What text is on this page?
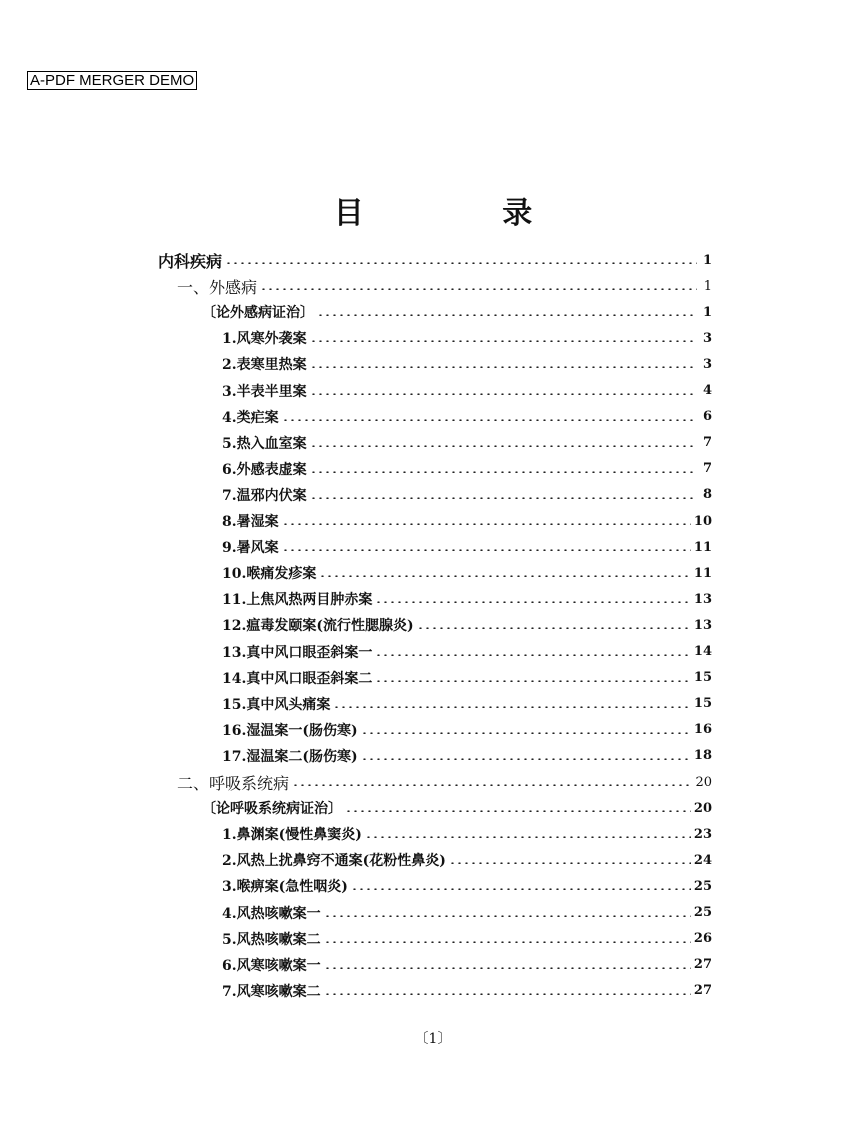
A-PDF MERGER DEMO
目 录
内科疾病	1
一、外感病	1
〔论外感病证治〕	1
1.风寒外袭案	3
2.表寒里热案	3
3.半表半里案	4
4.类疟案	6
5.热入血室案	7
6.外感表虚案	7
7.温邪内伏案	8
8.暑湿案	10
9.暑风案	11
10.喉痛发疹案	11
11.上焦风热两目肿赤案	13
12.瘟毒发颐案(流行性腮腺炎)	13
13.真中风口眼歪斜案一	14
14.真中风口眼歪斜案二	15
15.真中风头痛案	15
16.湿温案一(肠伤寒)	16
17.湿温案二(肠伤寒)	18
二、呼吸系统病	20
〔论呼吸系统病证治〕	20
1.鼻渊案(慢性鼻窦炎)	23
2.风热上扰鼻窍不通案(花粉性鼻炎)	24
3.喉痹案(急性咽炎)	25
4.风热咳嗽案一	25
5.风热咳嗽案二	26
6.风寒咳嗽案一	27
7.风寒咳嗽案二	27
〔1〕
